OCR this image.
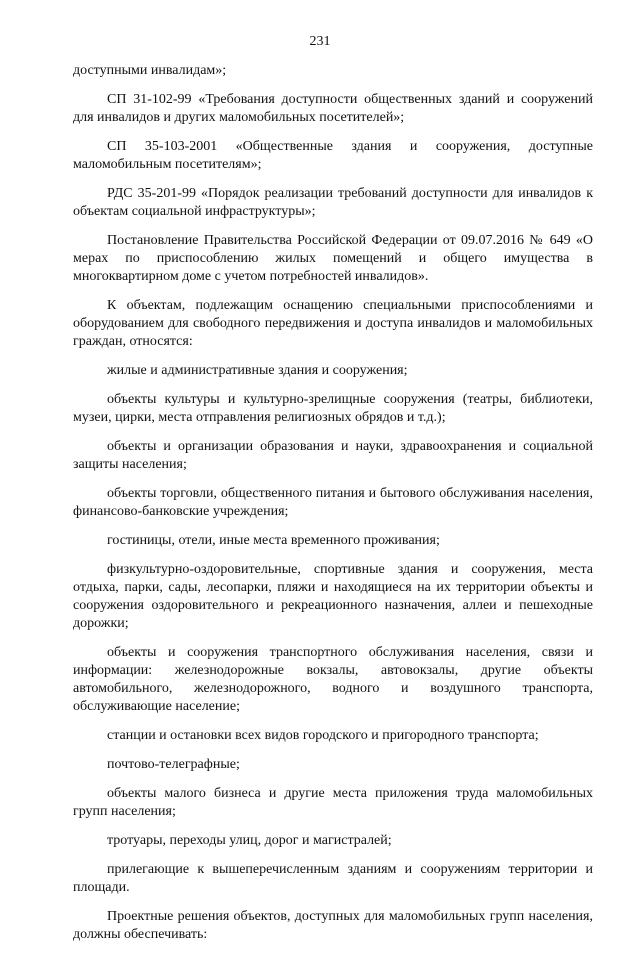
231

доступными инвалидам»;

СП 31-102-99 «Требования доступности общественных зданий и сооружений для инвалидов и других маломобильных посетителей»;

СП 35-103-2001 «Общественные здания и сооружения, доступные маломобильным посетителям»;

РДС 35-201-99 «Порядок реализации требований доступности для инвалидов к объектам социальной инфраструктуры»;

Постановление Правительства Российской Федерации от 09.07.2016 № 649 «О мерах по приспособлению жилых помещений и общего имущества в многоквартирном доме с учетом потребностей инвалидов».

К объектам, подлежащим оснащению специальными приспособлениями и оборудованием для свободного передвижения и доступа инвалидов и маломобильных граждан, относятся:

жилые и административные здания и сооружения;

объекты культуры и культурно-зрелищные сооружения (театры, библиотеки, музеи, цирки, места отправления религиозных обрядов и т.д.);

объекты и организации образования и науки, здравоохранения и социальной защиты населения;

объекты торговли, общественного питания и бытового обслуживания населения, финансово-банковские учреждения;

гостиницы, отели, иные места временного проживания;

физкультурно-оздоровительные, спортивные здания и сооружения, места отдыха, парки, сады, лесопарки, пляжи и находящиеся на их территории объекты и сооружения оздоровительного и рекреационного назначения, аллеи и пешеходные дорожки;

объекты и сооружения транспортного обслуживания населения, связи и информации: железнодорожные вокзалы, автовокзалы, другие объекты автомобильного, железнодорожного, водного и воздушного транспорта, обслуживающие население;

станции и остановки всех видов городского и пригородного транспорта;

почтово-телеграфные;

объекты малого бизнеса и другие места приложения труда маломобильных групп населения;

тротуары, переходы улиц, дорог и магистралей;

прилегающие к вышеперечисленным зданиям и сооружениям территории и площади.

Проектные решения объектов, доступных для маломобильных групп населения, должны обеспечивать:
